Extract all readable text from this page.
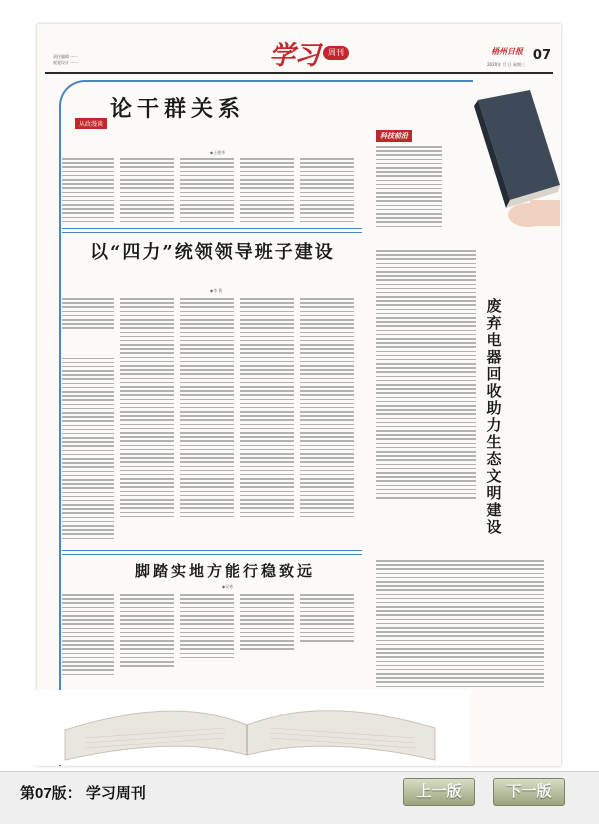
责任编辑 ······
视觉设计 ······	学习	周刊	梧州日报
2020年 月 日 星期三
07
从政漫谈
论干群关系
◆王德华
以“四力”统领领导班子建设
◆李 隽
脚踏实地方能行稳致远
◆吴寒
科技前沿
废弃电器回收助力生态文明建设
第07版： 学习周刊	上一版	下一版
